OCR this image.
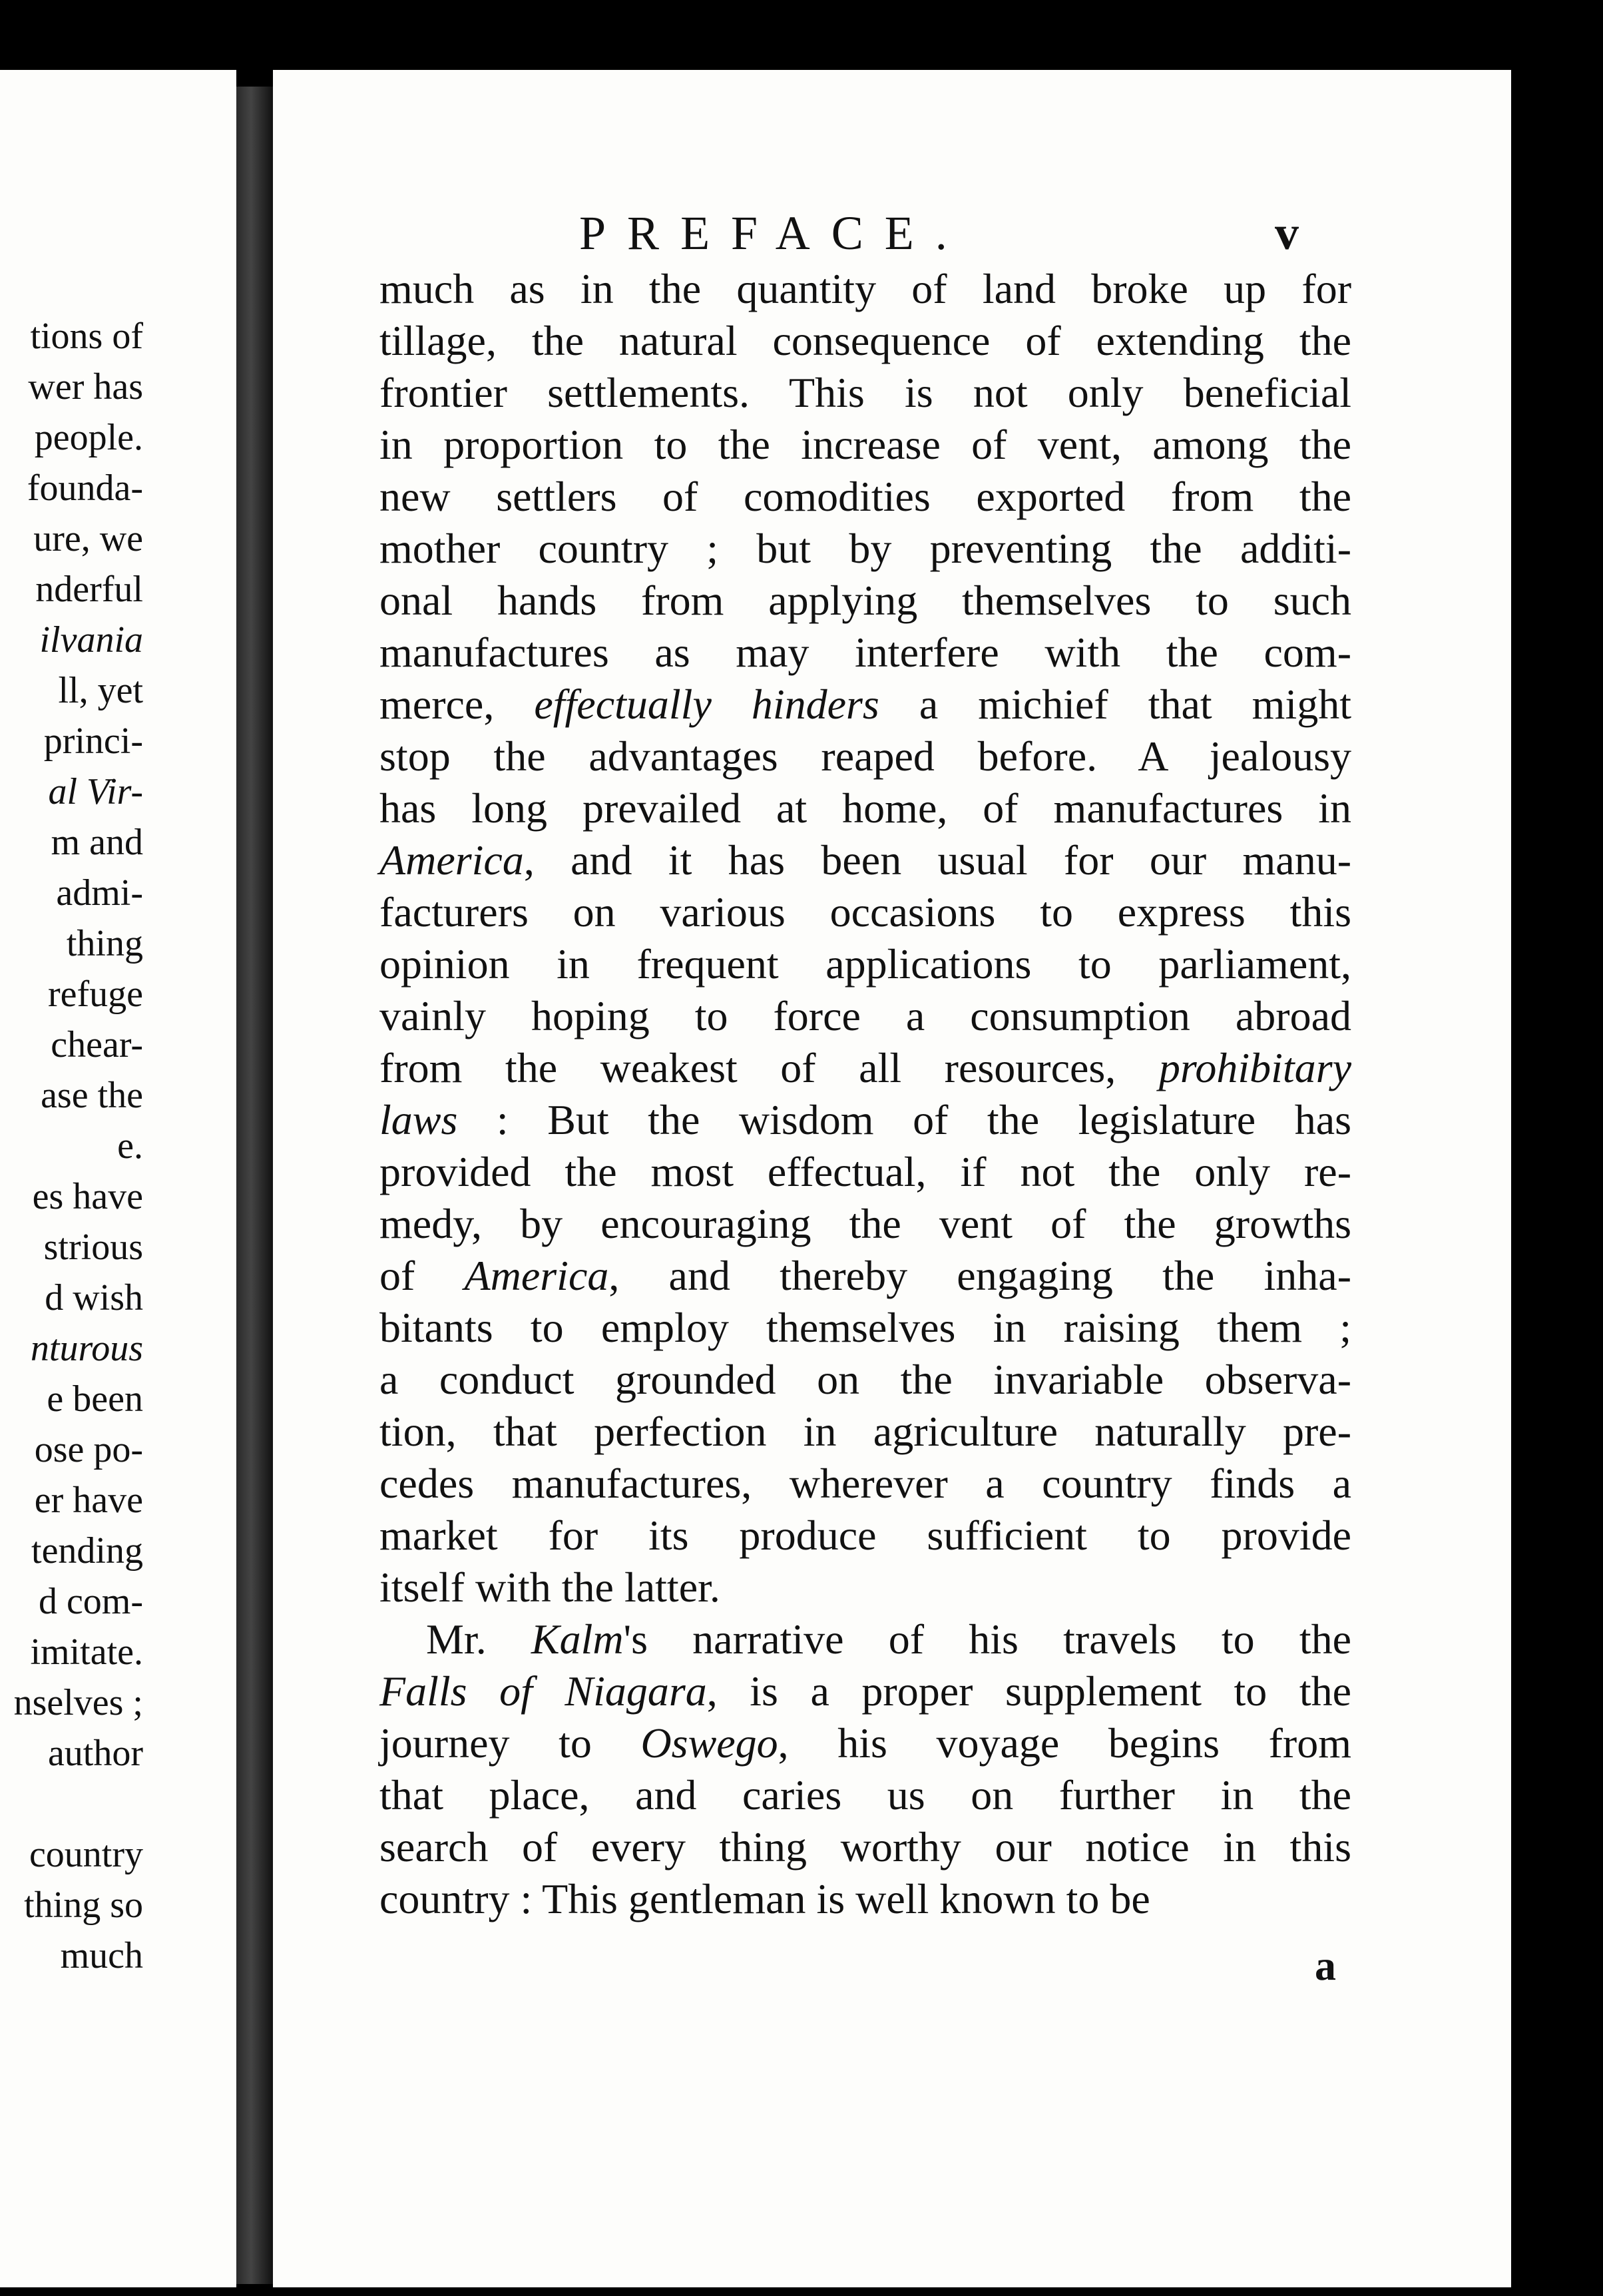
tions of
wer has
people.
founda-
ure, we
nderful
ilvania
ll, yet
princi-
al Vir-
m and
admi-
thing
refuge
chear-
ase the
e.
es have
strious
d wish
nturous
e been
ose po-
er have
tending
d com-
imitate.
nselves ;
author
country
thing so
much
PREFACE.	v
much as in the quantity of land broke up for
tillage, the natural consequence of extending the
frontier settlements. This is not only beneficial
in proportion to the increase of vent, among the
new settlers of comodities exported from the
mother country ; but by preventing the additi-
onal hands from applying themselves to such
manufactures as may interfere with the com-
merce, effectually hinders a michief that might
stop the advantages reaped before. A jealousy
has long prevailed at home, of manufactures in
America, and it has been usual for our manu-
facturers on various occasions to express this
opinion in frequent applications to parliament,
vainly hoping to force a consumption abroad
from the weakest of all resources, prohibitary
laws : But the wisdom of the legislature has
provided the most effectual, if not the only re-
medy, by encouraging the vent of the growths
of America, and thereby engaging the inha-
bitants to employ themselves in raising them ;
a conduct grounded on the invariable observa-
tion, that perfection in agriculture naturally pre-
cedes manufactures, wherever a country finds a
market for its produce sufficient to provide
itself with the latter.
Mr. Kalm's narrative of his travels to the
Falls of Niagara, is a proper supplement to the
journey to Oswego, his voyage begins from
that place, and caries us on further in the
search of every thing worthy our notice in this
country : This gentleman is well known to be
a
